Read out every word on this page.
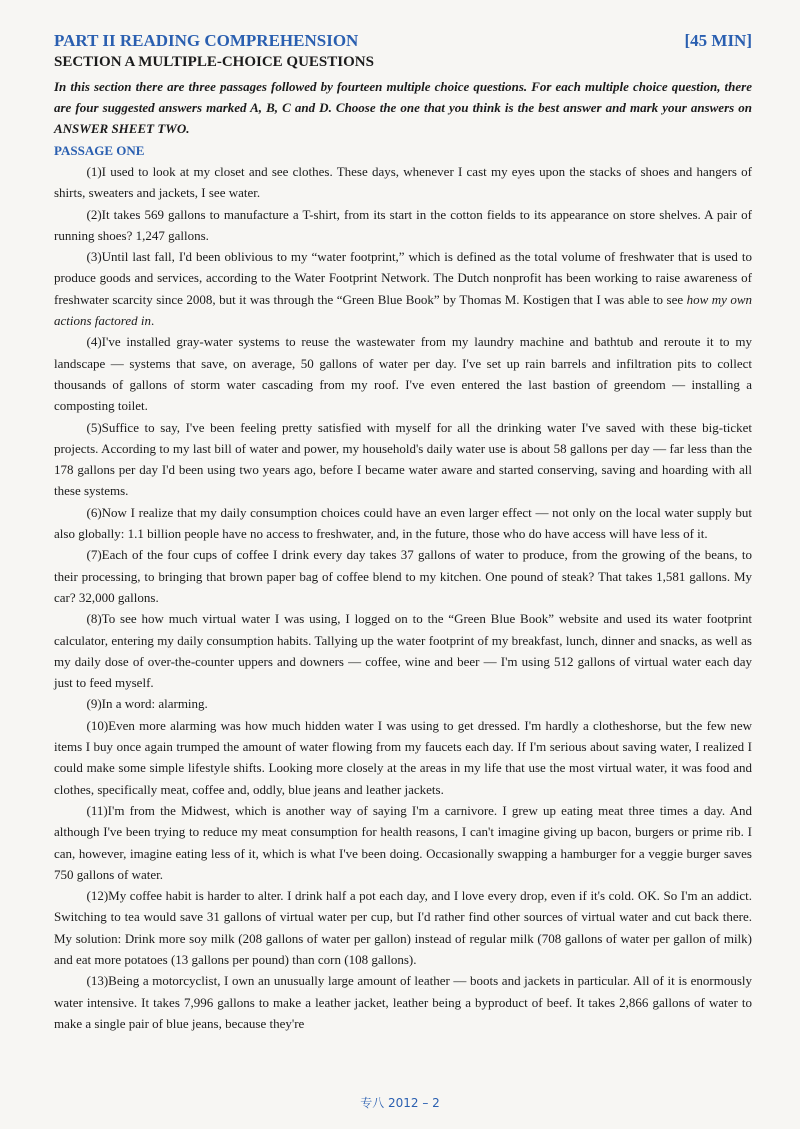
PART II READING COMPREHENSION	[45 MIN]
SECTION A MULTIPLE-CHOICE QUESTIONS

In this section there are three passages followed by fourteen multiple choice questions. For each multiple choice question, there are four suggested answers marked A, B, C and D. Choose the one that you think is the best answer and mark your answers on ANSWER SHEET TWO.

PASSAGE ONE

(1)I used to look at my closet and see clothes. These days, whenever I cast my eyes upon the stacks of shoes and hangers of shirts, sweaters and jackets, I see water.

(2)It takes 569 gallons to manufacture a T-shirt, from its start in the cotton fields to its appearance on store shelves. A pair of running shoes? 1,247 gallons.

(3)Until last fall, I'd been oblivious to my “water footprint,” which is defined as the total volume of freshwater that is used to produce goods and services, according to the Water Footprint Network. The Dutch nonprofit has been working to raise awareness of freshwater scarcity since 2008, but it was through the “Green Blue Book” by Thomas M. Kostigen that I was able to see how my own actions factored in.

(4)I've installed gray-water systems to reuse the wastewater from my laundry machine and bathtub and reroute it to my landscape — systems that save, on average, 50 gallons of water per day. I've set up rain barrels and infiltration pits to collect thousands of gallons of storm water cascading from my roof. I've even entered the last bastion of greendom — installing a composting toilet.

(5)Suffice to say, I've been feeling pretty satisfied with myself for all the drinking water I've saved with these big-ticket projects. According to my last bill of water and power, my household's daily water use is about 58 gallons per day — far less than the 178 gallons per day I'd been using two years ago, before I became water aware and started conserving, saving and hoarding with all these systems.

(6)Now I realize that my daily consumption choices could have an even larger effect — not only on the local water supply but also globally: 1.1 billion people have no access to freshwater, and, in the future, those who do have access will have less of it.

(7)Each of the four cups of coffee I drink every day takes 37 gallons of water to produce, from the growing of the beans, to their processing, to bringing that brown paper bag of coffee blend to my kitchen. One pound of steak? That takes 1,581 gallons. My car? 32,000 gallons.

(8)To see how much virtual water I was using, I logged on to the “Green Blue Book” website and used its water footprint calculator, entering my daily consumption habits. Tallying up the water footprint of my breakfast, lunch, dinner and snacks, as well as my daily dose of over-the-counter uppers and downers — coffee, wine and beer — I'm using 512 gallons of virtual water each day just to feed myself.

(9)In a word: alarming.

(10)Even more alarming was how much hidden water I was using to get dressed. I'm hardly a clotheshorse, but the few new items I buy once again trumped the amount of water flowing from my faucets each day. If I'm serious about saving water, I realized I could make some simple lifestyle shifts. Looking more closely at the areas in my life that use the most virtual water, it was food and clothes, specifically meat, coffee and, oddly, blue jeans and leather jackets.

(11)I'm from the Midwest, which is another way of saying I'm a carnivore. I grew up eating meat three times a day. And although I've been trying to reduce my meat consumption for health reasons, I can't imagine giving up bacon, burgers or prime rib. I can, however, imagine eating less of it, which is what I've been doing. Occasionally swapping a hamburger for a veggie burger saves 750 gallons of water.

(12)My coffee habit is harder to alter. I drink half a pot each day, and I love every drop, even if it's cold. OK. So I'm an addict. Switching to tea would save 31 gallons of virtual water per cup, but I'd rather find other sources of virtual water and cut back there. My solution: Drink more soy milk (208 gallons of water per gallon) instead of regular milk (708 gallons of water per gallon of milk) and eat more potatoes (13 gallons per pound) than corn (108 gallons).

(13)Being a motorcyclist, I own an unusually large amount of leather — boots and jackets in particular. All of it is enormously water intensive. It takes 7,996 gallons to make a leather jacket, leather being a byproduct of beef. It takes 2,866 gallons of water to make a single pair of blue jeans, because they're

专八 2012 – 2
